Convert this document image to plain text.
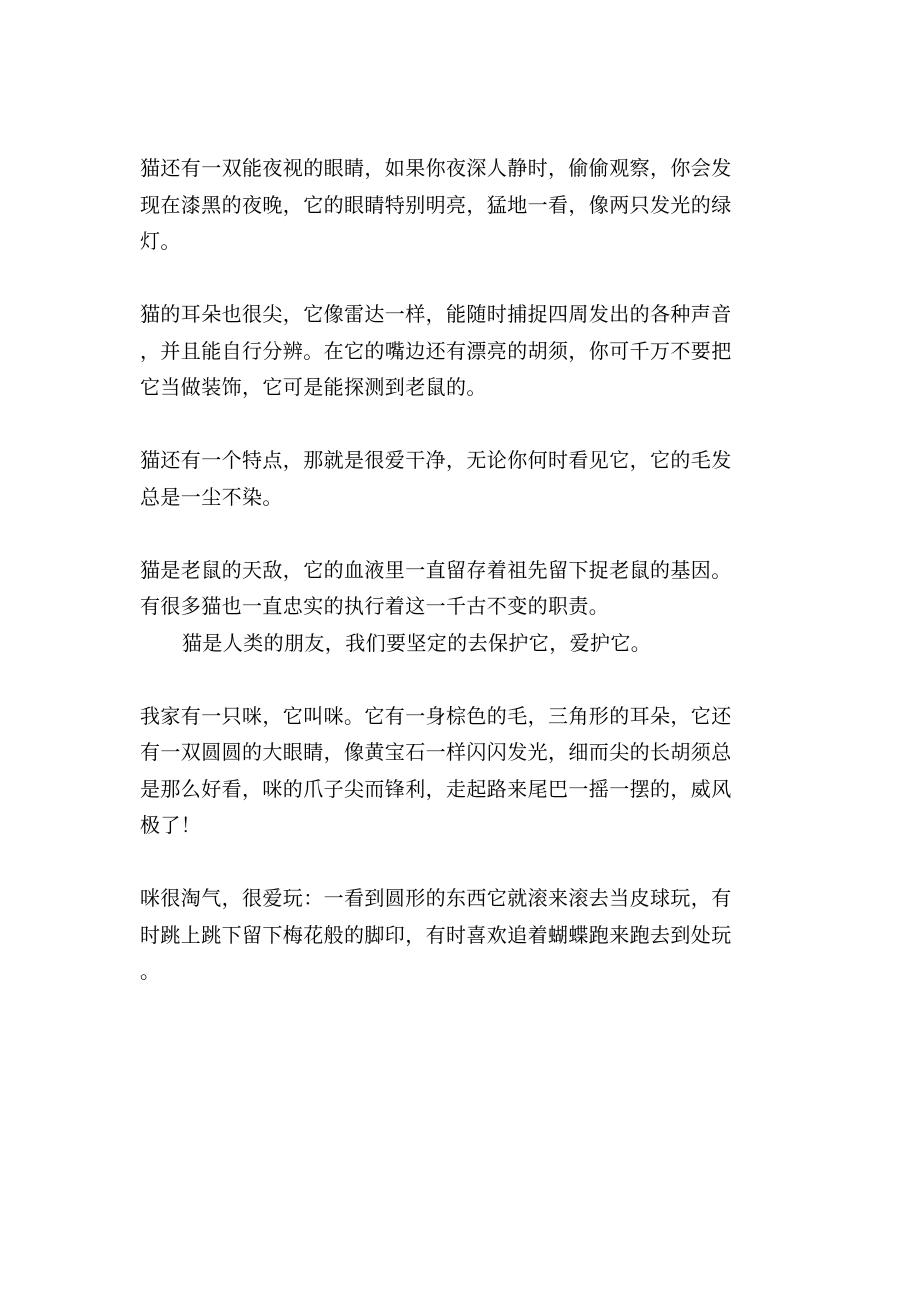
猫还有一双能夜视的眼睛，如果你夜深人静时，偷偷观察，你会发
现在漆黑的夜晚，它的眼睛特别明亮，猛地一看，像两只发光的绿
灯。

猫的耳朵也很尖，它像雷达一样，能随时捕捉四周发出的各种声音
，并且能自行分辨。在它的嘴边还有漂亮的胡须，你可千万不要把
它当做装饰，它可是能探测到老鼠的。

猫还有一个特点，那就是很爱干净，无论你何时看见它，它的毛发
总是一尘不染。

猫是老鼠的天敌，它的血液里一直留存着祖先留下捉老鼠的基因。
有很多猫也一直忠实的执行着这一千古不变的职责。

猫是人类的朋友，我们要坚定的去保护它，爱护它。

我家有一只咪，它叫咪。它有一身棕色的毛，三角形的耳朵，它还
有一双圆圆的大眼睛，像黄宝石一样闪闪发光，细而尖的长胡须总
是那么好看，咪的爪子尖而锋利，走起路来尾巴一摇一摆的，威风
极了！

咪很淘气，很爱玩：一看到圆形的东西它就滚来滚去当皮球玩，有
时跳上跳下留下梅花般的脚印，有时喜欢追着蝴蝶跑来跑去到处玩
。
